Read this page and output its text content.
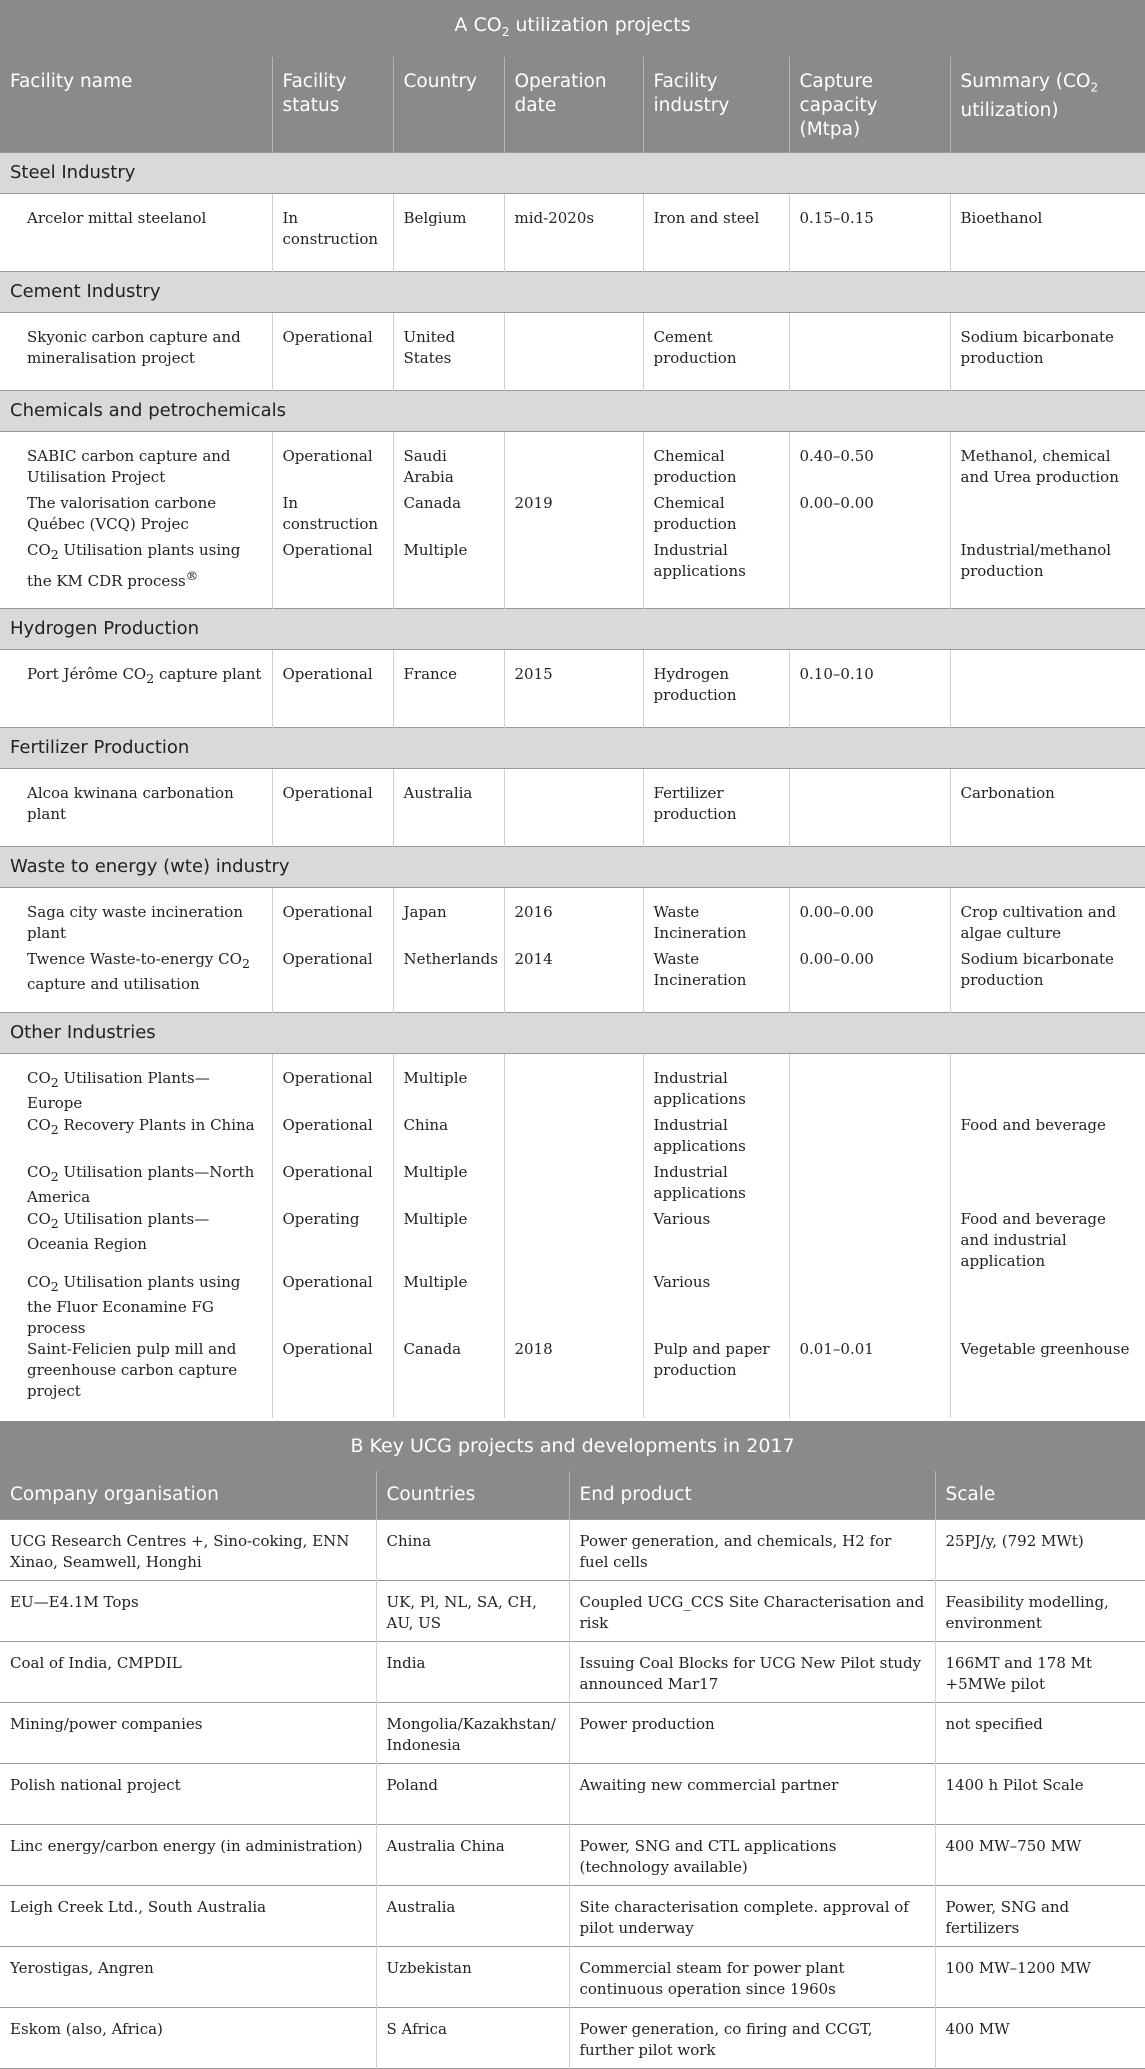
A $CO_2$ utilization projects						
Facility name	Facility status	Country	Operation date	Facility industry	Capture capacity (Mtpa)	Summary ($CO_2$ utilization)
Steel Industry						
Arcelor mittal steelanol	In construction	Belgium	mid-2020s	Iron and steel	0.15–0.15	Bioethanol
Cement Industry						
Skyonic carbon capture and mineralisation project	Operational	United States		Cement production		Sodium bicarbonate production
Chemicals and petrochemicals						
SABIC carbon capture and Utilisation Project	Operational	Saudi Arabia		Chemical production	0.40–0.50	Methanol, chemical and Urea production
The valorisation carbone Québec (VCQ) Projec	In construction	Canada	2019	Chemical production	0.00–0.00	
$CO_2$ Utilisation plants using the KM CDR process®	Operational	Multiple		Industrial applications		Industrial/methanol production
Hydrogen Production						
Port Jérôme $CO_2$ capture plant	Operational	France	2015	Hydrogen production	0.10–0.10	
Fertilizer Production						
Alcoa kwinana carbonation plant	Operational	Australia		Fertilizer production		Carbonation
Waste to energy (wte) industry						
Saga city waste incineration plant	Operational	Japan	2016	Waste Incineration	0.00–0.00	Crop cultivation and algae culture
Twence Waste-to-energy $CO_2$ capture and utilisation	Operational	Netherlands	2014	Waste Incineration	0.00–0.00	Sodium bicarbonate production
Other Industries						
$CO_2$ Utilisation Plants—Europe	Operational	Multiple		Industrial applications		
$CO_2$ Recovery Plants in China	Operational	China		Industrial applications		Food and beverage
$CO_2$ Utilisation plants—North America	Operational	Multiple		Industrial applications		
$CO_2$ Utilisation plants—Oceania Region	Operating	Multiple		Various		Food and beverage and industrial application
$CO_2$ Utilisation plants using the Fluor Econamine FG process	Operational	Multiple		Various		
Saint-Felicien pulp mill and greenhouse carbon capture project	Operational	Canada	2018	Pulp and paper production	0.01–0.01	Vegetable greenhouse
B Key UCG projects and developments in 2017			
Company organisation	Countries	End product	Scale
UCG Research Centres +, Sino-coking, ENN Xinao, Seamwell, Honghi	China	Power generation, and chemicals, H2 for fuel cells	25PJ/y, (792 MWt)
EU—E4.1M Tops	UK, Pl, NL, SA, CH, AU, US	Coupled UCG_CCS Site Characterisation and risk	Feasibility modelling, environment
Coal of India, CMPDIL	India	Issuing Coal Blocks for UCG New Pilot study announced Mar17	166MT and 178 Mt +5MWe pilot
Mining/power companies	Mongolia/Kazakhstan/ Indonesia	Power production	not specified
Polish national project	Poland	Awaiting new commercial partner	1400 h Pilot Scale
Linc energy/carbon energy (in administration)	Australia China	Power, SNG and CTL applications (technology available)	400 MW–750 MW
Leigh Creek Ltd., South Australia	Australia	Site characterisation complete. approval of pilot underway	Power, SNG and fertilizers
Yerostigas, Angren	Uzbekistan	Commercial steam for power plant continuous operation since 1960s	100 MW–1200 MW
Eskom (also, Africa)	S Africa	Power generation, co firing and CCGT, further pilot work	400 MW
